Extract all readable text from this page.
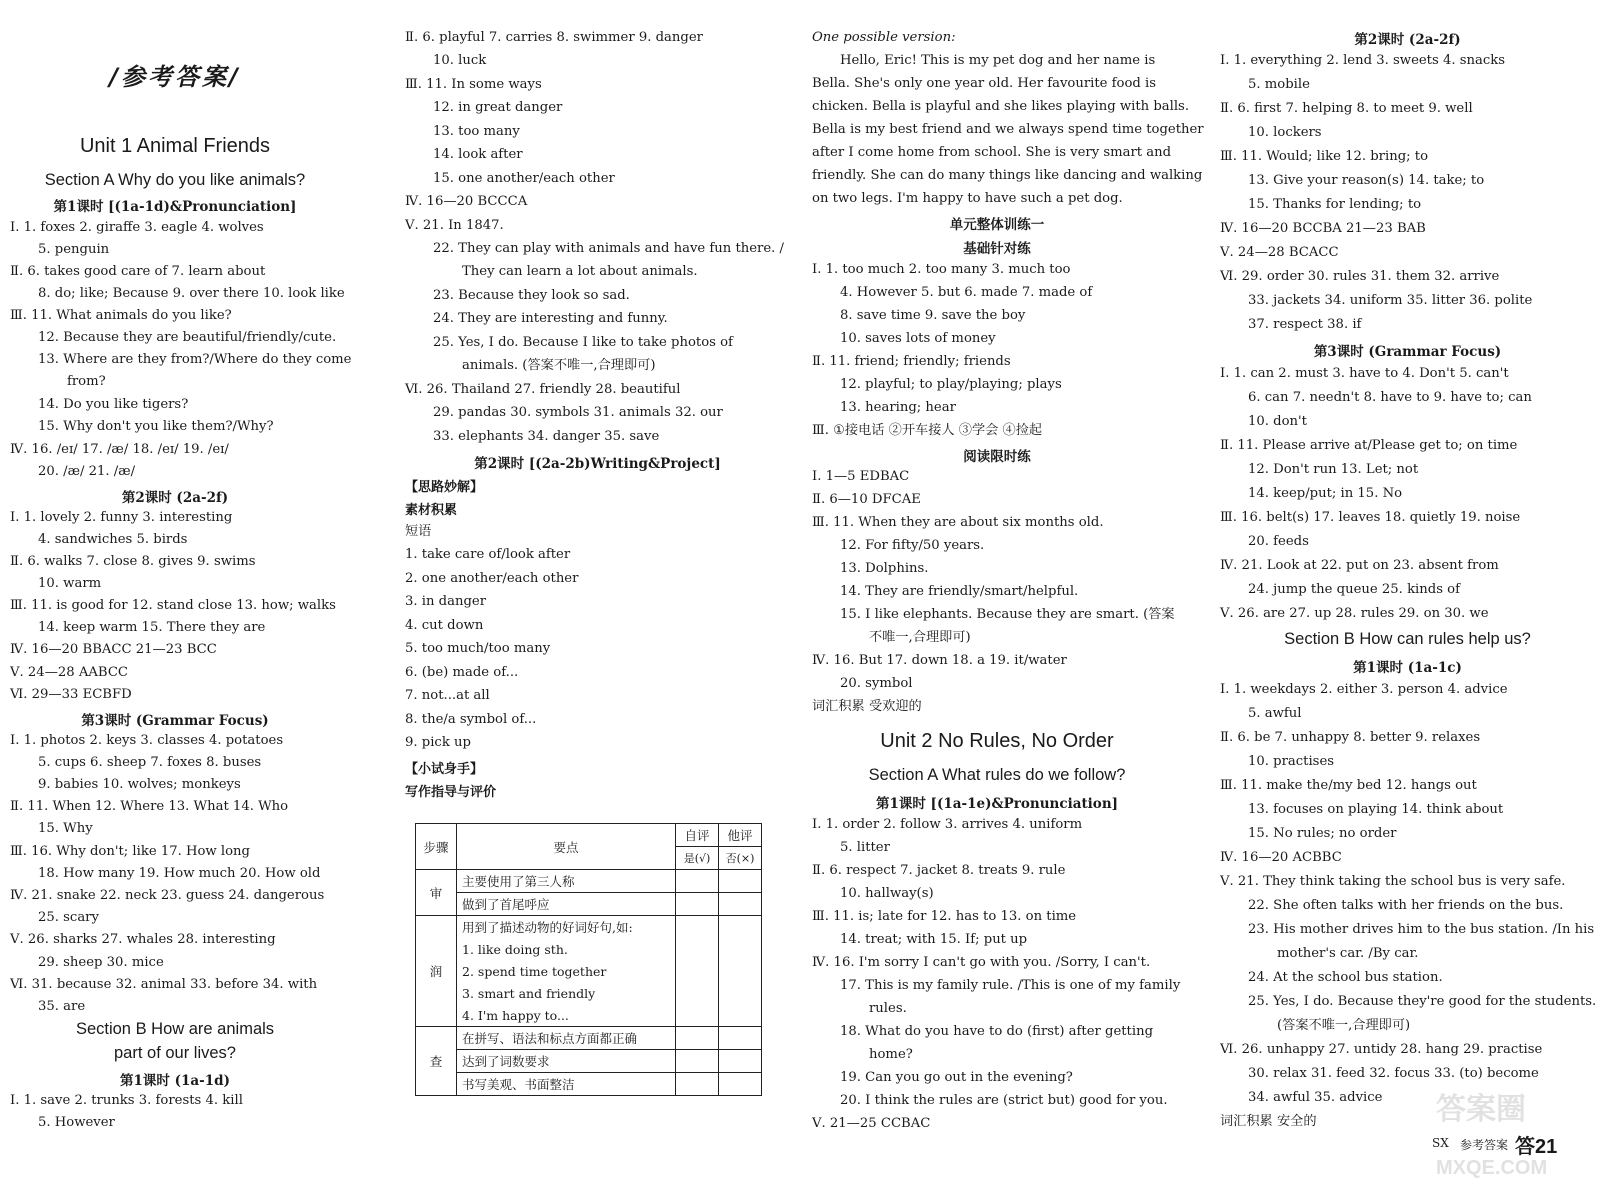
/参考答案/
Unit 1 Animal Friends
Section A Why do you like animals?
第1课时 [(1a-1d)&Pronunciation]
Ⅰ. 1. foxes 2. giraffe 3. eagle 4. wolves
5. penguin
Ⅱ. 6. takes good care of 7. learn about
8. do; like; Because 9. over there 10. look like
Ⅲ. 11. What animals do you like?
12. Because they are beautiful/friendly/cute.
13. Where are they from?/Where do they come
from?
14. Do you like tigers?
15. Why don't you like them?/Why?
Ⅳ. 16. /eɪ/ 17. /æ/ 18. /eɪ/ 19. /eɪ/
20. /æ/ 21. /æ/
第2课时 (2a-2f)
Ⅰ. 1. lovely 2. funny 3. interesting
4. sandwiches 5. birds
Ⅱ. 6. walks 7. close 8. gives 9. swims
10. warm
Ⅲ. 11. is good for 12. stand close 13. how; walks
14. keep warm 15. There they are
Ⅳ. 16—20 BBACC 21—23 BCC
Ⅴ. 24—28 AABCC
Ⅵ. 29—33 ECBFD
第3课时 (Grammar Focus)
Ⅰ. 1. photos 2. keys 3. classes 4. potatoes
5. cups 6. sheep 7. foxes 8. buses
9. babies 10. wolves; monkeys
Ⅱ. 11. When 12. Where 13. What 14. Who
15. Why
Ⅲ. 16. Why don't; like 17. How long
18. How many 19. How much 20. How old
Ⅳ. 21. snake 22. neck 23. guess 24. dangerous
25. scary
Ⅴ. 26. sharks 27. whales 28. interesting
29. sheep 30. mice
Ⅵ. 31. because 32. animal 33. before 34. with
35. are
Section B How are animals
part of our lives?
第1课时 (1a-1d)
Ⅰ. 1. save 2. trunks 3. forests 4. kill
5. However
Ⅱ. 6. playful 7. carries 8. swimmer 9. danger
10. luck
Ⅲ. 11. In some ways
12. in great danger
13. too many
14. look after
15. one another/each other
Ⅳ. 16—20 BCCCA
Ⅴ. 21. In 1847.
22. They can play with animals and have fun there. /
They can learn a lot about animals.
23. Because they look so sad.
24. They are interesting and funny.
25. Yes, I do. Because I like to take photos of
animals. (答案不唯一,合理即可)
Ⅵ. 26. Thailand 27. friendly 28. beautiful
29. pandas 30. symbols 31. animals 32. our
33. elephants 34. danger 35. save
第2课时 [(2a-2b)Writing&Project]
【思路妙解】
素材积累
短语
1. take care of/look after
2. one another/each other
3. in danger
4. cut down
5. too much/too many
6. (be) made of...
7. not...at all
8. the/a symbol of...
9. pick up
【小试身手】
写作指导与评价
步骤	要点	自评	他评
		是(√)	否(×)
审	主要使用了第三人称		
	做到了首尾呼应		
润	用到了描述动物的好词好句,如:		
	1. like doing sth.		
	2. spend time together		
	3. smart and friendly		
	4. I'm happy to...		
查	在拼写、语法和标点方面都正确		
	达到了词数要求		
	书写美观、书面整洁		
One possible version:
Hello, Eric! This is my pet dog and her name is
Bella. She's only one year old. Her favourite food is
chicken. Bella is playful and she likes playing with balls.
Bella is my best friend and we always spend time together
after I come home from school. She is very smart and
friendly. She can do many things like dancing and walking
on two legs. I'm happy to have such a pet dog.
单元整体训练一
基础针对练
Ⅰ. 1. too much 2. too many 3. much too
4. However 5. but 6. made 7. made of
8. save time 9. save the boy
10. saves lots of money
Ⅱ. 11. friend; friendly; friends
12. playful; to play/playing; plays
13. hearing; hear
Ⅲ. ①接电话 ②开车接人 ③学会 ④捡起
阅读限时练
Ⅰ. 1—5 EDBAC
Ⅱ. 6—10 DFCAE
Ⅲ. 11. When they are about six months old.
12. For fifty/50 years.
13. Dolphins.
14. They are friendly/smart/helpful.
15. I like elephants. Because they are smart. (答案
不唯一,合理即可)
Ⅳ. 16. But 17. down 18. a 19. it/water
20. symbol
词汇积累 受欢迎的
Unit 2 No Rules, No Order
Section A What rules do we follow?
第1课时 [(1a-1e)&Pronunciation]
Ⅰ. 1. order 2. follow 3. arrives 4. uniform
5. litter
Ⅱ. 6. respect 7. jacket 8. treats 9. rule
10. hallway(s)
Ⅲ. 11. is; late for 12. has to 13. on time
14. treat; with 15. If; put up
Ⅳ. 16. I'm sorry I can't go with you. /Sorry, I can't.
17. This is my family rule. /This is one of my family
rules.
18. What do you have to do (first) after getting
home?
19. Can you go out in the evening?
20. I think the rules are (strict but) good for you.
Ⅴ. 21—25 CCBAC
第2课时 (2a-2f)
Ⅰ. 1. everything 2. lend 3. sweets 4. snacks
5. mobile
Ⅱ. 6. first 7. helping 8. to meet 9. well
10. lockers
Ⅲ. 11. Would; like 12. bring; to
13. Give your reason(s) 14. take; to
15. Thanks for lending; to
Ⅳ. 16—20 BCCBA 21—23 BAB
Ⅴ. 24—28 BCACC
Ⅵ. 29. order 30. rules 31. them 32. arrive
33. jackets 34. uniform 35. litter 36. polite
37. respect 38. if
第3课时 (Grammar Focus)
Ⅰ. 1. can 2. must 3. have to 4. Don't 5. can't
6. can 7. needn't 8. have to 9. have to; can
10. don't
Ⅱ. 11. Please arrive at/Please get to; on time
12. Don't run 13. Let; not
14. keep/put; in 15. No
Ⅲ. 16. belt(s) 17. leaves 18. quietly 19. noise
20. feeds
Ⅳ. 21. Look at 22. put on 23. absent from
24. jump the queue 25. kinds of
Ⅴ. 26. are 27. up 28. rules 29. on 30. we
Section B How can rules help us?
第1课时 (1a-1c)
Ⅰ. 1. weekdays 2. either 3. person 4. advice
5. awful
Ⅱ. 6. be 7. unhappy 8. better 9. relaxes
10. practises
Ⅲ. 11. make the/my bed 12. hangs out
13. focuses on playing 14. think about
15. No rules; no order
Ⅳ. 16—20 ACBBC
Ⅴ. 21. They think taking the school bus is very safe.
22. She often talks with her friends on the bus.
23. His mother drives him to the bus station. /In his
mother's car. /By car.
24. At the school bus station.
25. Yes, I do. Because they're good for the students.
(答案不唯一,合理即可)
Ⅵ. 26. unhappy 27. untidy 28. hang 29. practise
30. relax 31. feed 32. focus 33. (to) become
34. awful 35. advice
词汇积累 安全的
SX 参考答案 答21
答案圈
MXQE.COM
